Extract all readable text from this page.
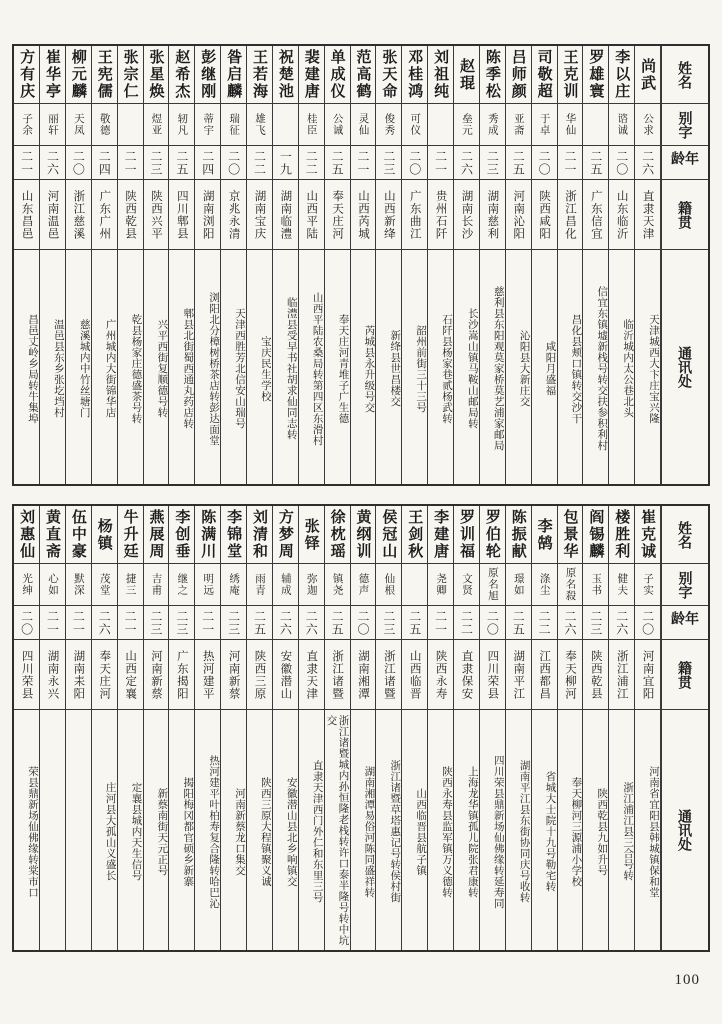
姓名
别字
年龄
籍贯
通讯处
尚武
公求
二六
直隶天津
天津城西大卞庄宝兴隆
李以庄
谘诚
二〇
山东临沂
临沂城内太公巷北头
罗雄寰
二五
广东信宜
信宜东镇墟新栈号转交扶参积利村
王克训
华仙
二一
浙江昌化
昌化县颊口镇转交沙干
司敬超
于卓
二〇
陕西咸阳
咸阳月盛福
吕师颜
亚斋
二五
河南沁阳
沁阳县大新庄交
陈季松
秀成
二三
湖南慈利
慈利县东阳观莫家桥莫艺浦家邮局
赵琨
垒元
二六
湖南长沙
长沙嵩山镇马鞍山邮局转
刘祖纯
二一
贵州石阡
石阡县杨家巷贰杨武转
邓桂鸿
可仪
二〇
广东曲江
韶州前街三十三号
张天命
俊秀
二三
山西新绛
新绛县世昌楼交
范高鹤
灵仙
二一
山西芮城
芮城县永升级号交
单成仪
公诚
二五
奉天庄河
奉天庄河青堆子广生德
裴建唐
桂臣
二二
山西平陆
山西平陆农桑局转第四区东滑村
祝楚池
一九
湖南临澧
临澧县受早书社胡求仙同志转
王若海
雄飞
二二
湖南宝庆
宝庆民生学校
昝启麟
瑞征
二〇
京兆永清
天津西胜芳北信安山瑞号
彭继刚
蒂宇
二四
湖南浏阳
浏阳北分樟树桥茶店转彭达面堂
赵希杰
轫凡
二五
四川郫县
郫县北街蜀西通丸药店转
张星焕
煜亚
二三
陕西兴平
兴平西街复顺德号转
张宗仁
二一
陕西乾县
乾县杨家庄德盛茶号转
王宪儒
敬德
二四
广东广州
广州城内大街锦华店
柳元麟
天凤
二〇
浙江慈溪
慈溪城内中竹丝塘门
崔华亭
丽轩
二六
河南温邑
温邑县东乡张圪垱村
方有庆
子余
二一
山东昌邑
昌邑丈岭乡局转牛集埠
姓名
别字
年龄
籍贯
通讯处
崔克诚
子实
二〇
河南宜阳
河南省宜阳县韩城镇保和堂
楼胜利
健夫
二六
浙江浦江
浙江浦江县三合号转
阎锡麟
玉书
二三
陕西乾县
陕西乾县九如升号
包景华
原名殺
二六
奉天柳河
奉天柳河三源浦小学校
李鹄
涤尘
二二
江西都昌
省城大士院十九号勒宅转
陈振献
璟如
二五
湖南平江
湖南平江县东街协同庆号收转
罗伯轮
原名旭
二〇
四川荣县
四川荣县鼎新场仙佛缘转延寿同
罗训福
文贤
二二
直隶保安
上海龙华镇孤儿院张君康转
李建唐
尧卿
二一
陕西永寿
陕西永寿县监军镇万义德转
王剑秋
二五
山西临晋
山西临晋县航子镇
侯冠山
仙根
二三
浙江诸暨
浙江诸暨草塔惠记号转侯村街
黄纲训
德声
二〇
湖南湘潭
湖南湘潭易俗河陈同盛祥转
徐枕瑶
镇尧
二五
浙江诸暨
浙江诸暨城内孙恒隆老栈转许口泰半隆号转中坑交
张铎
弥迦
二六
直隶天津
直隶天津西门外仁和东里三号
方梦周
辅成
二六
安徽潜山
安徽潜山县北乡响镇交
刘清和
雨青
二五
陕西三原
陕西三原大程镇聚义诚
李锦堂
绣庵
二三
河南新蔡
河南新蔡龙口集交
陈满川
明远
二一
热河建平
热河建平叶柏寿复合隆转哈巴沁
李创垂
继之
二三
广东揭阳
揭阳梅冈都官硕乡新寨
燕展周
吉甫
二三
河南新蔡
新蔡南街天元正号
牛升廷
捷三
二一
山西定襄
定襄县城内天生信号
杨镇
茂堂
二六
奉天庄河
庄河县大孤山义盛长
伍中豪
默深
二一
湖南耒阳
黄直斋
心如
二一
湖南永兴
刘惠仙
光绅
二〇
四川荣县
荣县鼎新场仙佛缘转棠市口
100
